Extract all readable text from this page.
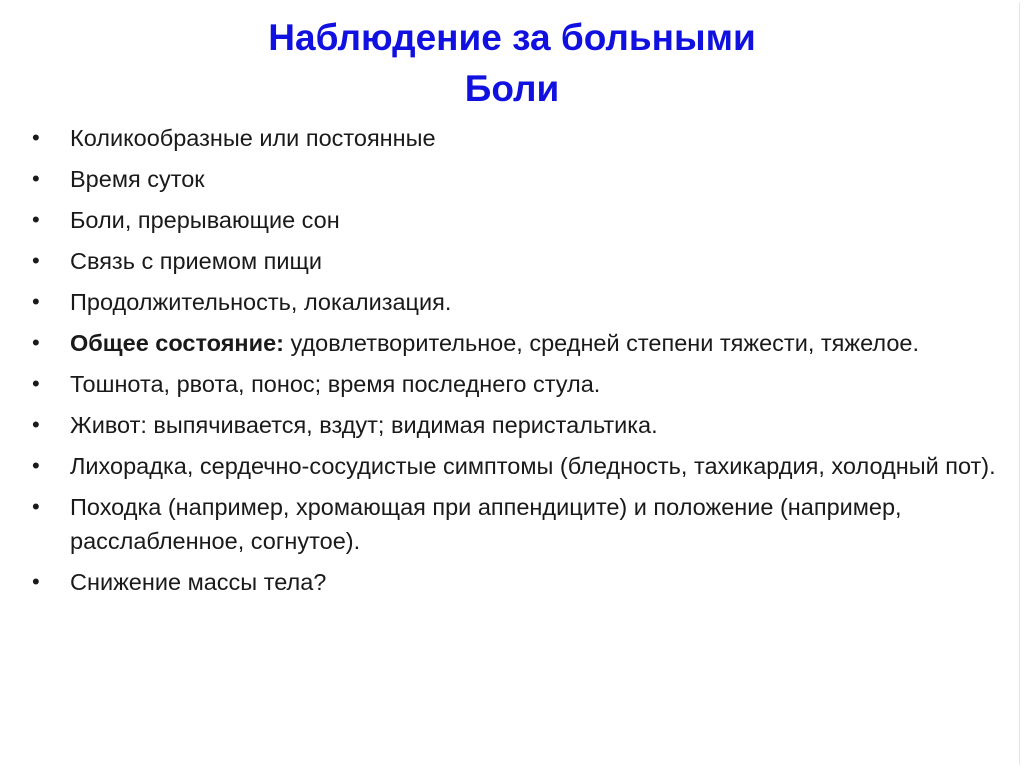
Наблюдение за больными
Боли
•	Коликообразные или постоянные
•	Время суток
•	Боли, прерывающие сон
•	Связь с приемом пищи
•	Продолжительность, локализация.
•	Общее состояние: удовлетворительное, средней степени тяжести, тяжелое.
•	Тошнота, рвота, понос; время последнего стула.
•	Живот: выпячивается, вздут; видимая перистальтика.
•	Лихорадка, сердечно-сосудистые симптомы (бледность, тахикардия, холодный пот).
•	Походка (например, хромающая при аппендиците) и положение (например, расслабленное, согнутое).
•	Снижение массы тела?
